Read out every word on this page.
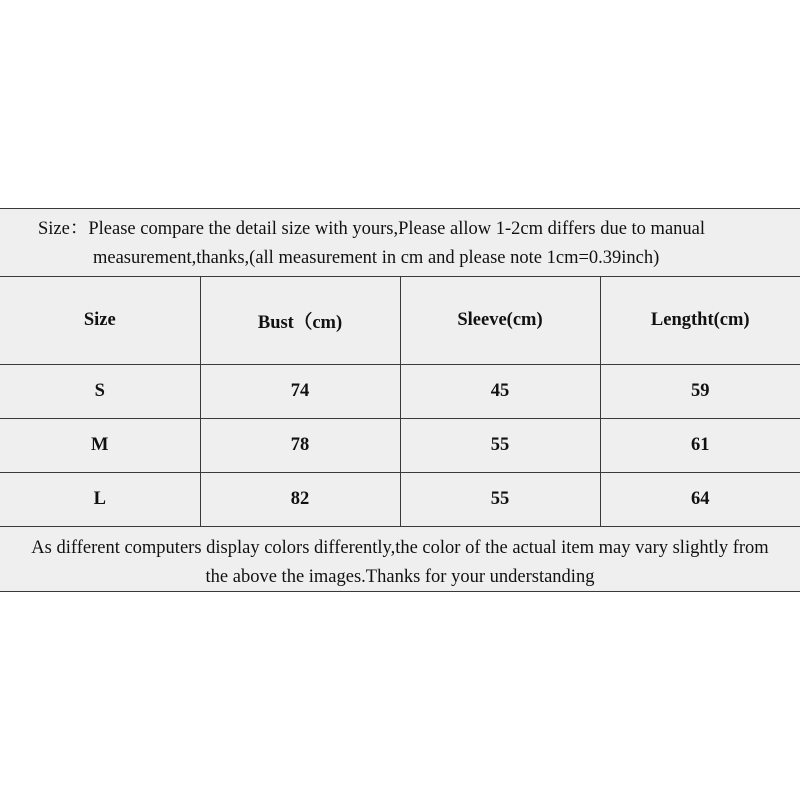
Size：Please compare the detail size with yours,Please allow 1-2cm differs due to manual
measurement,thanks,(all measurement in cm and please note 1cm=0.39inch)
Size	Bust（cm)	Sleeve(cm)	Lengtht(cm)
S	74	45	59
M	78	55	61
L	82	55	64
As different computers display colors differently,the color of the actual item may vary slightly from
the above the images.Thanks for your understanding
